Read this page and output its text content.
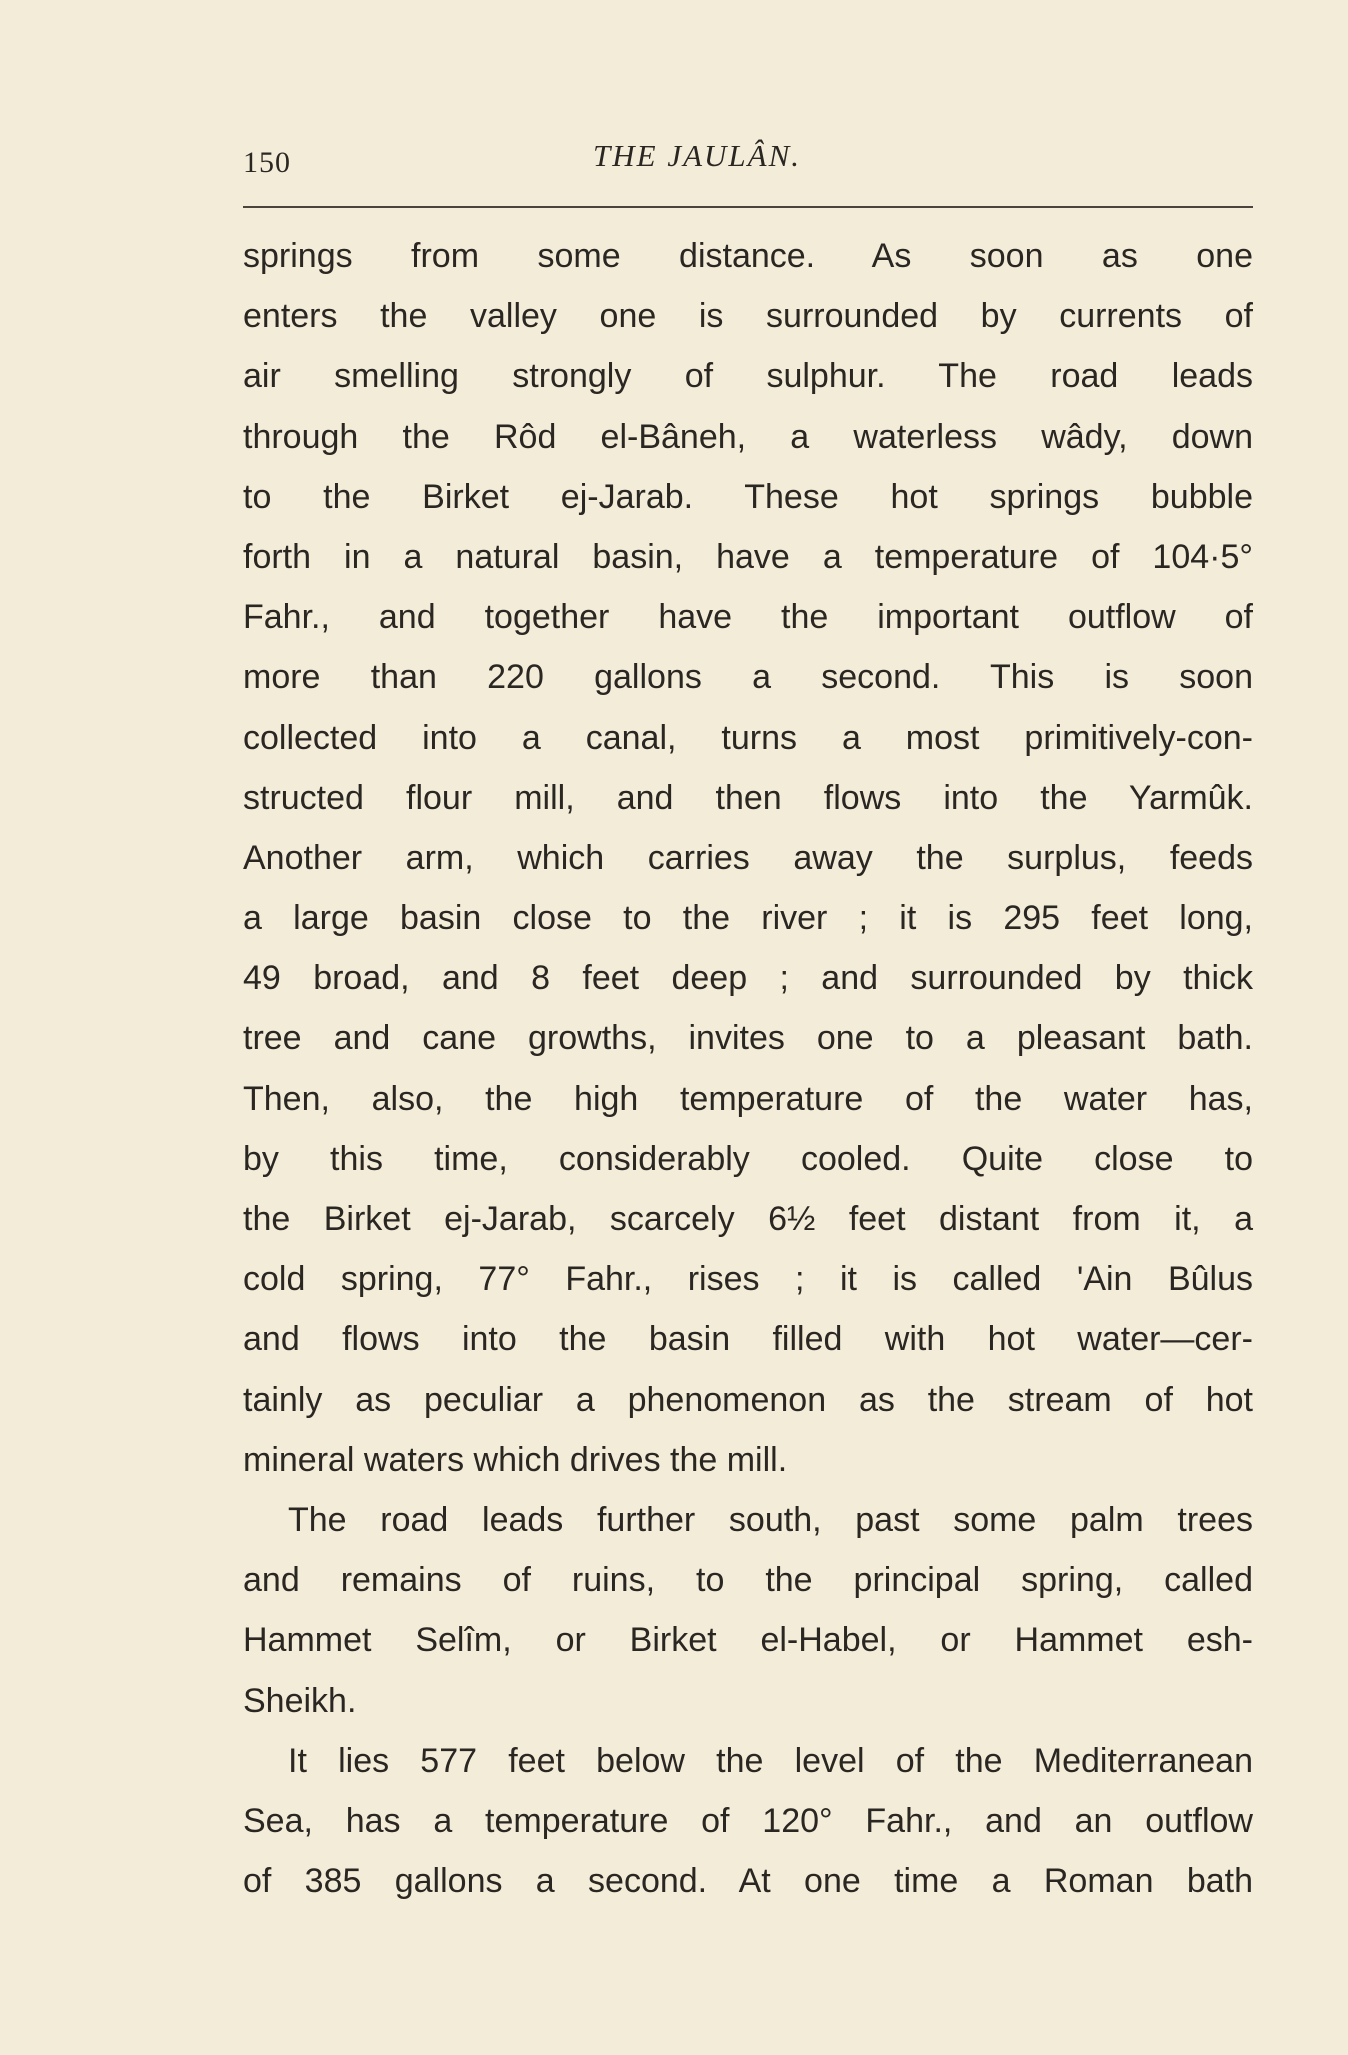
150	THE JAULÂN.
springs from some distance. As soon as one
enters the valley one is surrounded by currents of
air smelling strongly of sulphur. The road leads
through the Rôd el-Bâneh, a waterless wâdy, down
to the Birket ej-Jarab. These hot springs bubble
forth in a natural basin, have a temperature of 104·5°
Fahr., and together have the important outflow of
more than 220 gallons a second. This is soon
collected into a canal, turns a most primitively-con-
structed flour mill, and then flows into the Yarmûk.
Another arm, which carries away the surplus, feeds
a large basin close to the river ; it is 295 feet long,
49 broad, and 8 feet deep ; and surrounded by thick
tree and cane growths, invites one to a pleasant bath.
Then, also, the high temperature of the water has,
by this time, considerably cooled. Quite close to
the Birket ej-Jarab, scarcely 6½ feet distant from it, a
cold spring, 77° Fahr., rises ; it is called 'Ain Bûlus
and flows into the basin filled with hot water—cer-
tainly as peculiar a phenomenon as the stream of hot
mineral waters which drives the mill.
The road leads further south, past some palm trees
and remains of ruins, to the principal spring, called
Hammet Selîm, or Birket el-Habel, or Hammet esh-
Sheikh.
It lies 577 feet below the level of the Mediterranean
Sea, has a temperature of 120° Fahr., and an outflow
of 385 gallons a second. At one time a Roman bath
